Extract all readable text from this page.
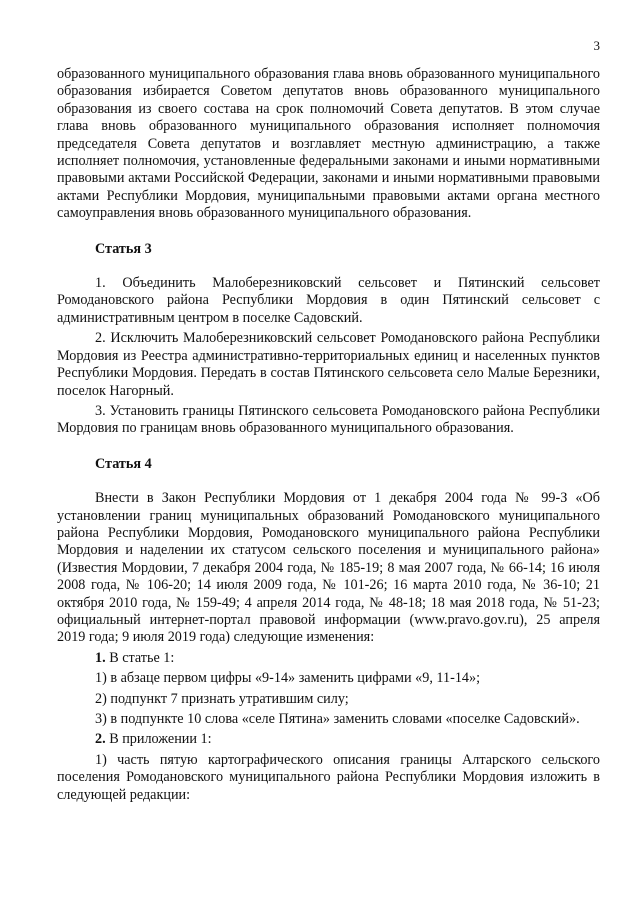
3

образованного муниципального образования глава вновь образованного муниципального образования избирается Советом депутатов вновь образованного муниципального образования из своего состава на срок полномочий Совета депутатов. В этом случае глава вновь образованного муниципального образования исполняет полномочия председателя Совета депутатов и возглавляет местную администрацию, а также исполняет полномочия, установленные федеральными законами и иными нормативными правовыми актами Российской Федерации, законами и иными нормативными правовыми актами Республики Мордовия, муниципальными правовыми актами органа местного самоуправления вновь образованного муниципального образования.

Статья 3

1. Объединить Малоберезниковский сельсовет и Пятинский сельсовет Ромодановского района Республики Мордовия в один Пятинский сельсовет с административным центром в поселке Садовский.

2. Исключить Малоберезниковский сельсовет Ромодановского района Республики Мордовия из Реестра административно-территориальных единиц и населенных пунктов Республики Мордовия. Передать в состав Пятинского сельсовета село Малые Березники, поселок Нагорный.

3. Установить границы Пятинского сельсовета Ромодановского района Республики Мордовия по границам вновь образованного муниципального образования.

Статья 4

Внести в Закон Республики Мордовия от 1 декабря 2004 года № 99-З «Об установлении границ муниципальных образований Ромодановского муниципального района Республики Мордовия, Ромодановского муниципального района Республики Мордовия и наделении их статусом сельского поселения и муниципального района» (Известия Мордовии, 7 декабря 2004 года, № 185-19; 8 мая 2007 года, № 66-14; 16 июля 2008 года, № 106-20; 14 июля 2009 года, № 101-26; 16 марта 2010 года, № 36-10; 21 октября 2010 года, № 159-49; 4 апреля 2014 года, № 48-18; 18 мая 2018 года, № 51-23; официальный интернет-портал правовой информации (www.pravo.gov.ru), 25 апреля 2019 года; 9 июля 2019 года) следующие изменения:

1. В статье 1:

1) в абзаце первом цифры «9-14» заменить цифрами «9, 11-14»;

2) подпункт 7 признать утратившим силу;

3) в подпункте 10 слова «селе Пятина» заменить словами «поселке Садовский».

2. В приложении 1:

1) часть пятую картографического описания границы Алтарского сельского поселения Ромодановского муниципального района Республики Мордовия изложить в следующей редакции:
